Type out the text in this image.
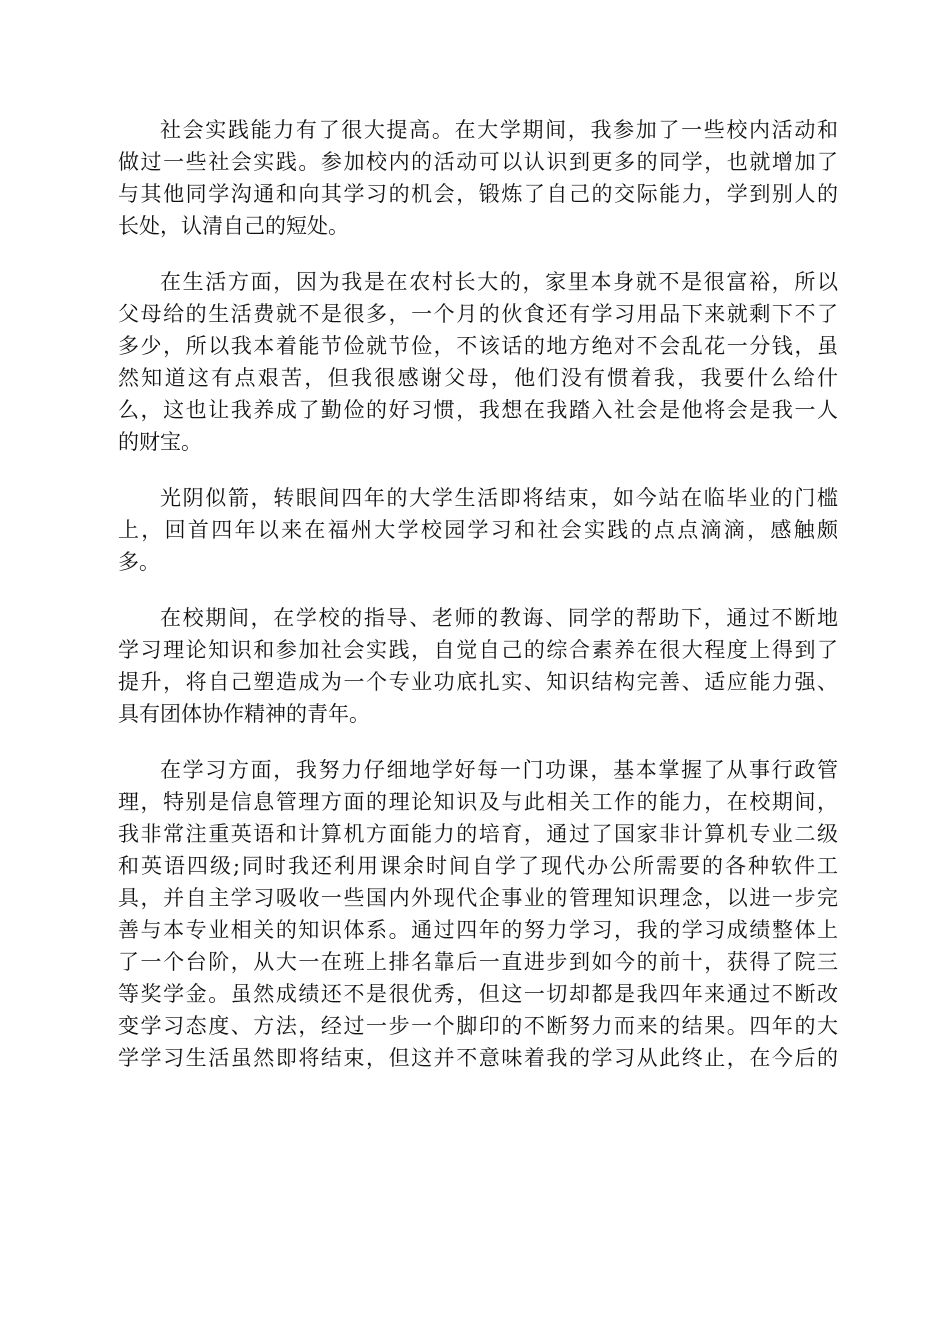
社会实践能力有了很大提高。在大学期间，我参加了一些校内活动和
做过一些社会实践。参加校内的活动可以认识到更多的同学，也就增加了
与其他同学沟通和向其学习的机会，锻炼了自己的交际能力，学到别人的
长处，认清自己的短处。
在生活方面，因为我是在农村长大的，家里本身就不是很富裕，所以
父母给的生活费就不是很多，一个月的伙食还有学习用品下来就剩下不了
多少，所以我本着能节俭就节俭，不该话的地方绝对不会乱花一分钱，虽
然知道这有点艰苦，但我很感谢父母，他们没有惯着我，我要什么给什
么，这也让我养成了勤俭的好习惯，我想在我踏入社会是他将会是我一人
的财宝。
光阴似箭，转眼间四年的大学生活即将结束，如今站在临毕业的门槛
上，回首四年以来在福州大学校园学习和社会实践的点点滴滴，感触颇
多。
在校期间，在学校的指导、老师的教诲、同学的帮助下，通过不断地
学习理论知识和参加社会实践，自觉自己的综合素养在很大程度上得到了
提升，将自己塑造成为一个专业功底扎实、知识结构完善、适应能力强、
具有团体协作精神的青年。
在学习方面，我努力仔细地学好每一门功课，基本掌握了从事行政管
理，特别是信息管理方面的理论知识及与此相关工作的能力，在校期间，
我非常注重英语和计算机方面能力的培育，通过了国家非计算机专业二级
和英语四级;同时我还利用课余时间自学了现代办公所需要的各种软件工
具，并自主学习吸收一些国内外现代企事业的管理知识理念，以进一步完
善与本专业相关的知识体系。通过四年的努力学习，我的学习成绩整体上
了一个台阶，从大一在班上排名靠后一直进步到如今的前十，获得了院三
等奖学金。虽然成绩还不是很优秀，但这一切却都是我四年来通过不断改
变学习态度、方法，经过一步一个脚印的不断努力而来的结果。四年的大
学学习生活虽然即将结束，但这并不意味着我的学习从此终止，在今后的
